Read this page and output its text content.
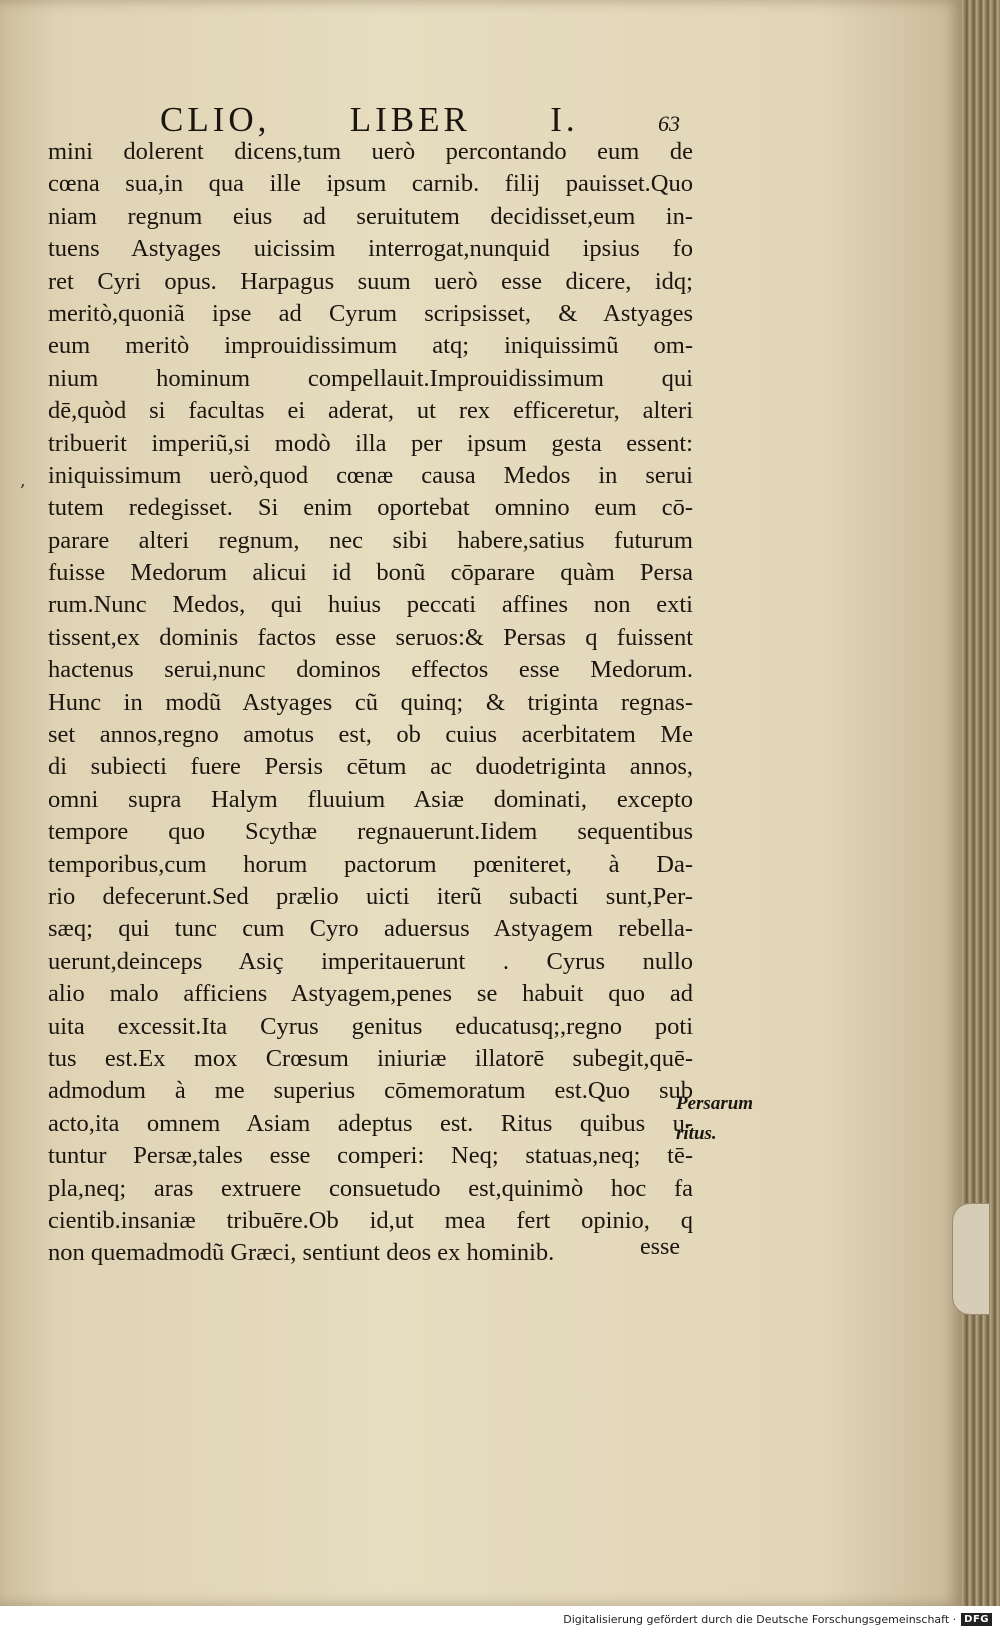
CLIO, LIBER I.	63
,
mini dolerent dicens,tum uerò percontando eum de
cœna sua,in qua ille ipsum carnib. filij pauisset.Quo
niam regnum eius ad seruitutem decidisset,eum in-
tuens Astyages uicissim interrogat,nunquid ipsius fo
ret Cyri opus. Harpagus suum uerò esse dicere, idq;
meritò,quoniã ipse ad Cyrum scripsisset, & Astyages
eum meritò improuidissimum atq; iniquissimũ om-
nium hominum compellauit.Improuidissimum qui
dē,quòd si facultas ei aderat, ut rex efficeretur, alteri
tribuerit imperiũ,si modò illa per ipsum gesta essent:
iniquissimum uerò,quod cœnæ causa Medos in serui
tutem redegisset. Si enim oportebat omnino eum cō-
parare alteri regnum, nec sibi habere,satius futurum
fuisse Medorum alicui id bonũ cōparare quàm Persa
rum.Nunc Medos, qui huius peccati affines non exti
tissent,ex dominis factos esse seruos:& Persas q fuissent
hactenus serui,nunc dominos effectos esse Medorum.
Hunc in modũ Astyages cũ quinq; & triginta regnas-
set annos,regno amotus est, ob cuius acerbitatem Me
di subiecti fuere Persis cētum ac duodetriginta annos,
omni supra Halym fluuium Asiæ dominati, excepto
tempore quo Scythæ regnauerunt.Iidem sequentibus
temporibus,cum horum pactorum pœniteret, à Da-
rio defecerunt.Sed prælio uicti iterũ subacti sunt,Per-
sæq; qui tunc cum Cyro aduersus Astyagem rebella-
uerunt,deinceps Asiç imperitauerunt . Cyrus nullo
alio malo afficiens Astyagem,penes se habuit quo ad
uita excessit.Ita Cyrus genitus educatusq;,regno poti
tus est.Ex mox Crœsum iniuriæ illatorē subegit,quē-
admodum à me superius cōmemoratum est.Quo sub
acto,ita omnem Asiam adeptus est. Ritus quibus u-
tuntur Persæ,tales esse comperi: Neq; statuas,neq; tē-
pla,neq; aras extruere consuetudo est,quinimò hoc fa
cientib.insaniæ tribuēre.Ob id,ut mea fert opinio, q
non quemadmodũ Græci, sentiunt deos ex hominib.
Persarum
ritus.
esse
Digitalisierung gefördert durch die Deutsche Forschungsgemeinschaft · DFG
